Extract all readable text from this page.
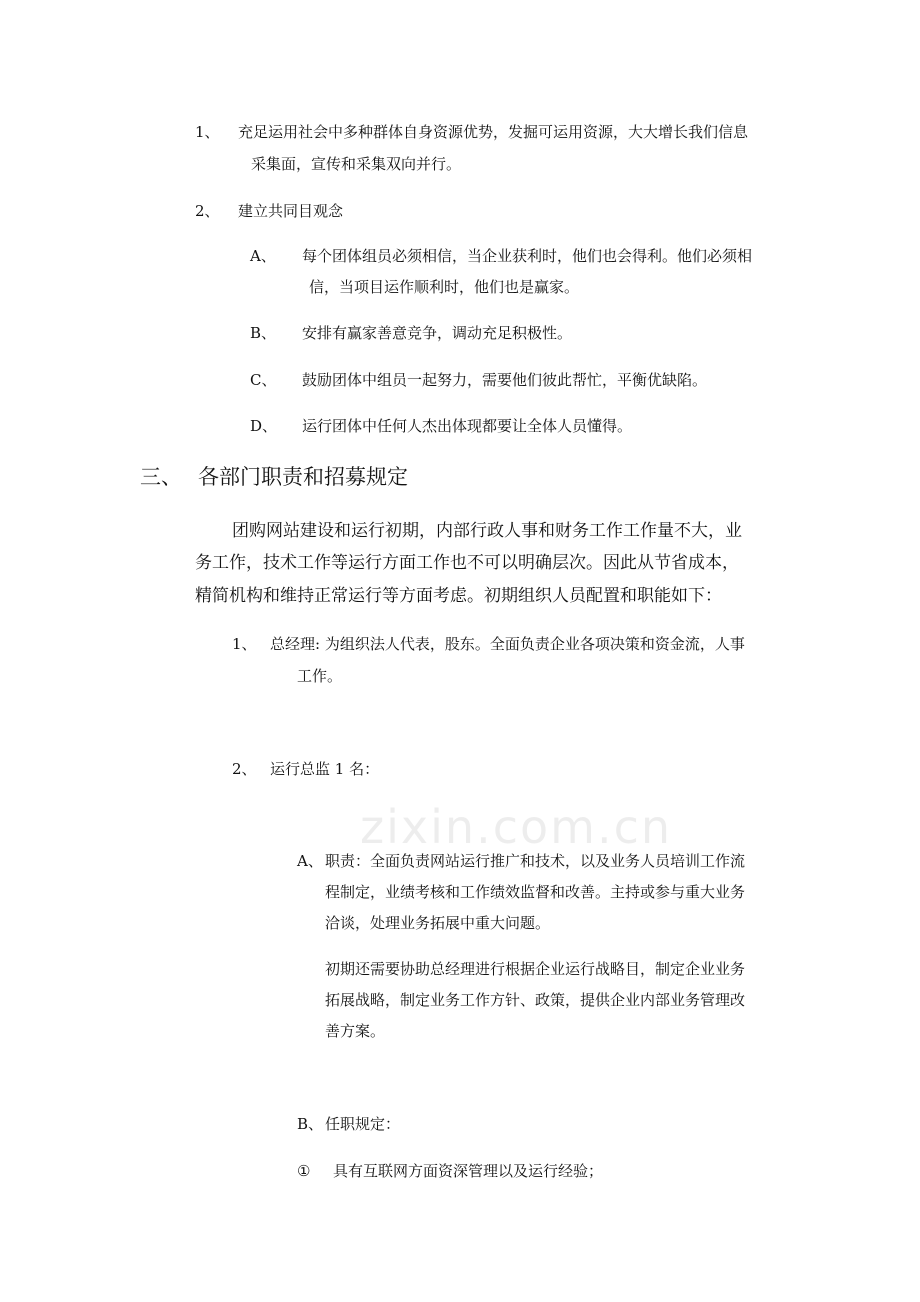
1、 充足运用社会中多种群体自身资源优势，发掘可运用资源，大大增长我们信息
采集面，宣传和采集双向并行。
2、 建立共同目观念
A、 每个团体组员必须相信，当企业获利时，他们也会得利。他们必须相
信，当项目运作顺利时，他们也是赢家。
B、 安排有赢家善意竞争，调动充足积极性。
C、 鼓励团体中组员一起努力，需要他们彼此帮忙，平衡优缺陷。
D、 运行团体中任何人杰出体现都要让全体人员懂得。
三、 各部门职责和招募规定
团购网站建设和运行初期，内部行政人事和财务工作工作量不大，业
务工作，技术工作等运行方面工作也不可以明确层次。因此从节省成本，
精简机构和维持正常运行等方面考虑。初期组织人员配置和职能如下：
1、 总经理: 为组织法人代表，股东。全面负责企业各项决策和资金流，人事
工作。
2、 运行总监 1 名：
A、 职责：全面负责网站运行推广和技术，以及业务人员培训工作流
程制定，业绩考核和工作绩效监督和改善。主持或参与重大业务
洽谈，处理业务拓展中重大问题。
初期还需要协助总经理进行根据企业运行战略目，制定企业业务
拓展战略，制定业务工作方针、政策，提供企业内部业务管理改
善方案。
B、 任职规定：
① 具有互联网方面资深管理以及运行经验；
zixin.com.cn
